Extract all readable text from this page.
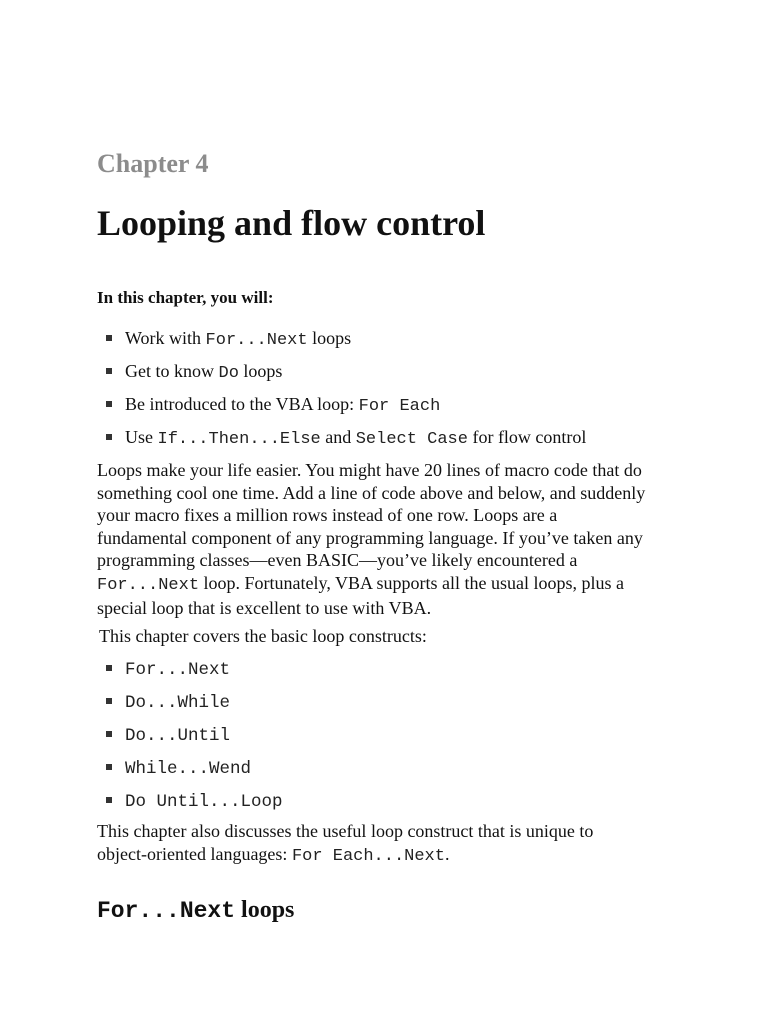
Chapter 4
Looping and flow control

In this chapter, you will:

Work with For...Next loops
Get to know Do loops
Be introduced to the VBA loop: For Each
Use If...Then...Else and Select Case for flow control

Loops make your life easier. You might have 20 lines of macro code that do
something cool one time. Add a line of code above and below, and suddenly
your macro fixes a million rows instead of one row. Loops are a
fundamental component of any programming language. If you’ve taken any
programming classes—even BASIC—you’ve likely encountered a
For...Next loop. Fortunately, VBA supports all the usual loops, plus a
special loop that is excellent to use with VBA.

This chapter covers the basic loop constructs:

For...Next
Do...While
Do...Until
While...Wend
Do Until...Loop

This chapter also discusses the useful loop construct that is unique to
object-oriented languages: For Each...Next.

For...Next loops
